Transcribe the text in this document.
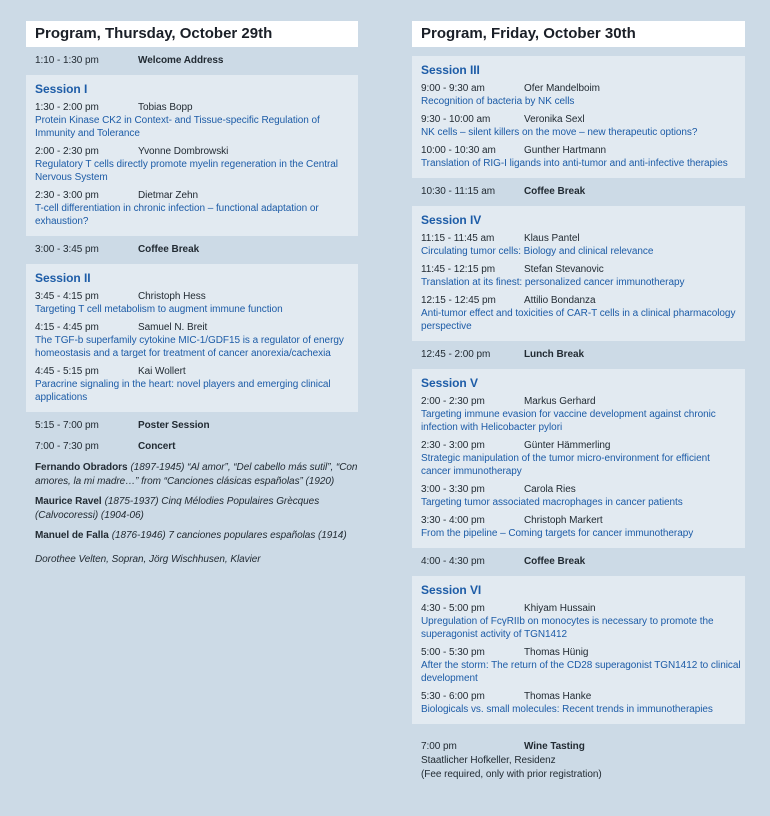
Program, Thursday, October 29th
1:10 - 1:30 pm	Welcome Address
Session I
1:30 - 2:00 pm	Tobias Bopp
Protein Kinase CK2 in Context- and Tissue-specific Regulation of Immunity and Tolerance
2:00 - 2:30 pm	Yvonne Dombrowski
Regulatory T cells directly promote myelin regeneration in the Central Nervous System
2:30 - 3:00 pm	Dietmar Zehn
T-cell differentiation in chronic infection – functional adaptation or exhaustion?
3:00 - 3:45 pm	Coffee Break
Session II
3:45 - 4:15 pm	Christoph Hess
Targeting T cell metabolism to augment immune function
4:15 - 4:45 pm	Samuel N. Breit
The TGF-b superfamily cytokine MIC-1/GDF15 is a regulator of energy homeostasis and a target for treatment of cancer anorexia/cachexia
4:45 - 5:15 pm	Kai Wollert
Paracrine signaling in the heart: novel players and emerging clinical applications
5:15 - 7:00 pm	Poster Session
7:00 - 7:30 pm	Concert
Fernando Obradors (1897-1945) “Al amor”, “Del cabello más sutil”, “Con amores, la mi madre…” from “Canciones clásicas españolas” (1920)
Maurice Ravel (1875-1937) Cinq Mélodies Populaires Grècques (Calvocoressi) (1904-06)
Manuel de Falla (1876-1946) 7 canciones populares españolas (1914)
Dorothee Velten, Sopran, Jörg Wischhusen, Klavier
Program, Friday, October 30th
Session III
9:00 - 9:30 am	Ofer Mandelboim
Recognition of bacteria by NK cells
9:30 - 10:00 am	Veronika Sexl
NK cells – silent killers on the move – new therapeutic options?
10:00 - 10:30 am	Gunther Hartmann
Translation of RIG-I ligands into anti-tumor and anti-infective therapies
10:30 - 11:15 am	Coffee Break
Session IV
11:15 - 11:45 am	Klaus Pantel
Circulating tumor cells: Biology and clinical relevance
11:45 - 12:15 pm	Stefan Stevanovic
Translation at its finest: personalized cancer immunotherapy
12:15 - 12:45 pm	Attilio Bondanza
Anti-tumor effect and toxicities of CAR-T cells in a clinical pharmacology perspective
12:45 - 2:00 pm	Lunch Break
Session V
2:00 - 2:30 pm	Markus Gerhard
Targeting immune evasion for vaccine development against chronic infection with Helicobacter pylori
2:30 - 3:00 pm	Günter Hämmerling
Strategic manipulation of the tumor micro-environment for efficient cancer immunotherapy
3:00 - 3:30 pm	Carola Ries
Targeting tumor associated macrophages in cancer patients
3:30 - 4:00 pm	Christoph Markert
From the pipeline – Coming targets for cancer immunotherapy
4:00 - 4:30 pm	Coffee Break
Session VI
4:30 - 5:00 pm	Khiyam Hussain
Upregulation of FcγRIIb on monocytes is necessary to promote the superagonist activity of TGN1412
5:00 - 5:30 pm	Thomas Hünig
After the storm: The return of the CD28 superagonist TGN1412 to clinical development
5:30 - 6:00 pm	Thomas Hanke
Biologicals vs. small molecules: Recent trends in immunotherapies
7:00 pm	Wine Tasting
Staatlicher Hofkeller, Residenz
(Fee required, only with prior registration)
